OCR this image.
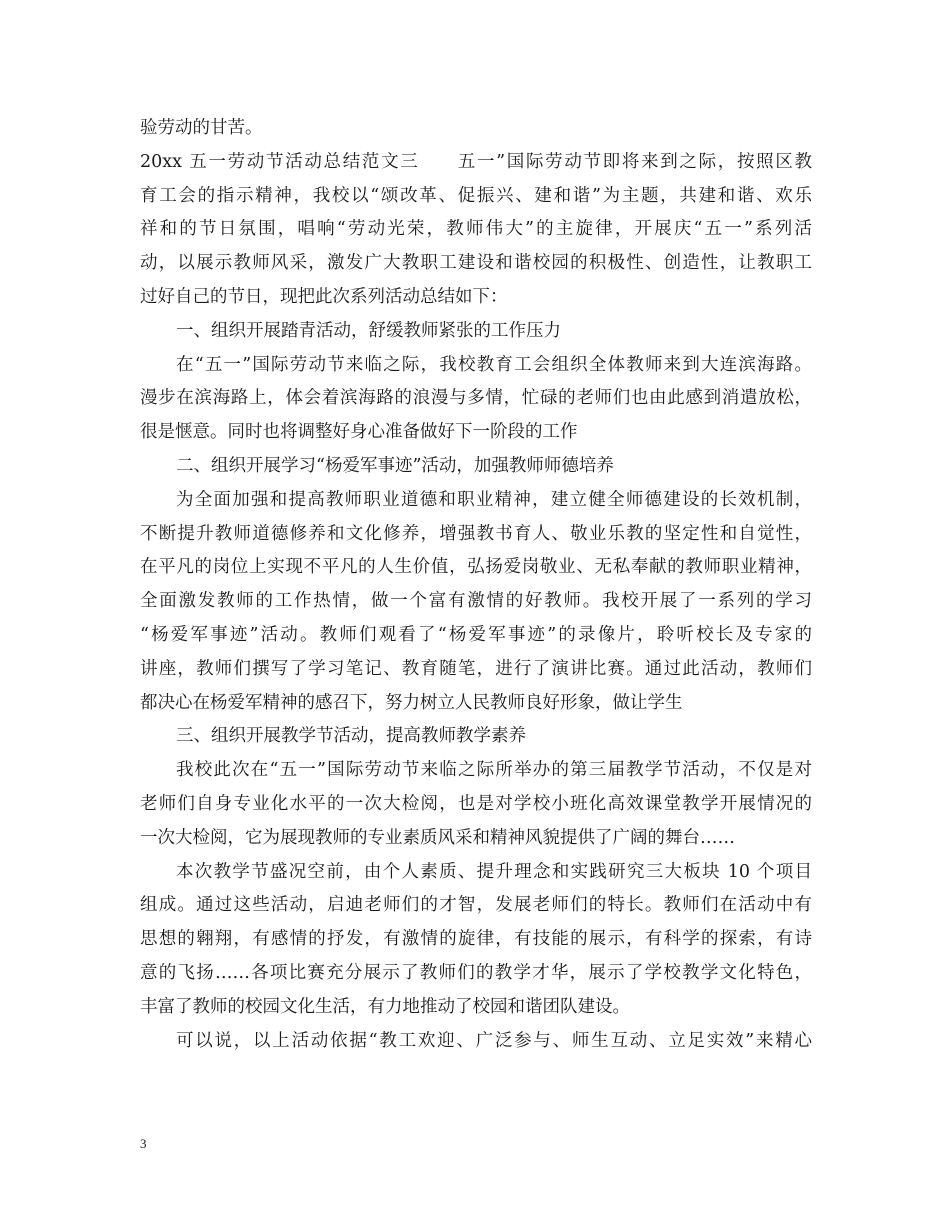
验劳动的甘苦。
20xx 五一劳动节活动总结范文三　　五一”国际劳动节即将来到之际，按照区教
育工会的指示精神，我校以“颂改革、促振兴、建和谐”为主题，共建和谐、欢乐
祥和的节日氛围，唱响“劳动光荣，教师伟大”的主旋律，开展庆“五一”系列活
动，以展示教师风采，激发广大教职工建设和谐校园的积极性、创造性，让教职工
过好自己的节日，现把此次系列活动总结如下：
一、组织开展踏青活动，舒缓教师紧张的工作压力
在“五一”国际劳动节来临之际，我校教育工会组织全体教师来到大连滨海路。
漫步在滨海路上，体会着滨海路的浪漫与多情，忙碌的老师们也由此感到消遣放松，
很是惬意。同时也将调整好身心准备做好下一阶段的工作
二、组织开展学习“杨爱军事迹”活动，加强教师师德培养
为全面加强和提高教师职业道德和职业精神，建立健全师德建设的长效机制，
不断提升教师道德修养和文化修养，增强教书育人、敬业乐教的坚定性和自觉性，
在平凡的岗位上实现不平凡的人生价值，弘扬爱岗敬业、无私奉献的教师职业精神，
全面激发教师的工作热情，做一个富有激情的好教师。我校开展了一系列的学习
“杨爱军事迹”活动。教师们观看了“杨爱军事迹”的录像片，聆听校长及专家的
讲座，教师们撰写了学习笔记、教育随笔，进行了演讲比赛。通过此活动，教师们
都决心在杨爱军精神的感召下，努力树立人民教师良好形象，做让学生
三、组织开展教学节活动，提高教师教学素养
我校此次在“五一”国际劳动节来临之际所举办的第三届教学节活动，不仅是对
老师们自身专业化水平的一次大检阅，也是对学校小班化高效课堂教学开展情况的
一次大检阅，它为展现教师的专业素质风采和精神风貌提供了广阔的舞台……
本次教学节盛况空前，由个人素质、提升理念和实践研究三大板块 10 个项目
组成。通过这些活动，启迪老师们的才智，发展老师们的特长。教师们在活动中有
思想的翱翔，有感情的抒发，有激情的旋律，有技能的展示，有科学的探索，有诗
意的飞扬……各项比赛充分展示了教师们的教学才华，展示了学校教学文化特色，
丰富了教师的校园文化生活，有力地推动了校园和谐团队建设。
可以说，以上活动依据“教工欢迎、广泛参与、师生互动、立足实效”来精心
3
